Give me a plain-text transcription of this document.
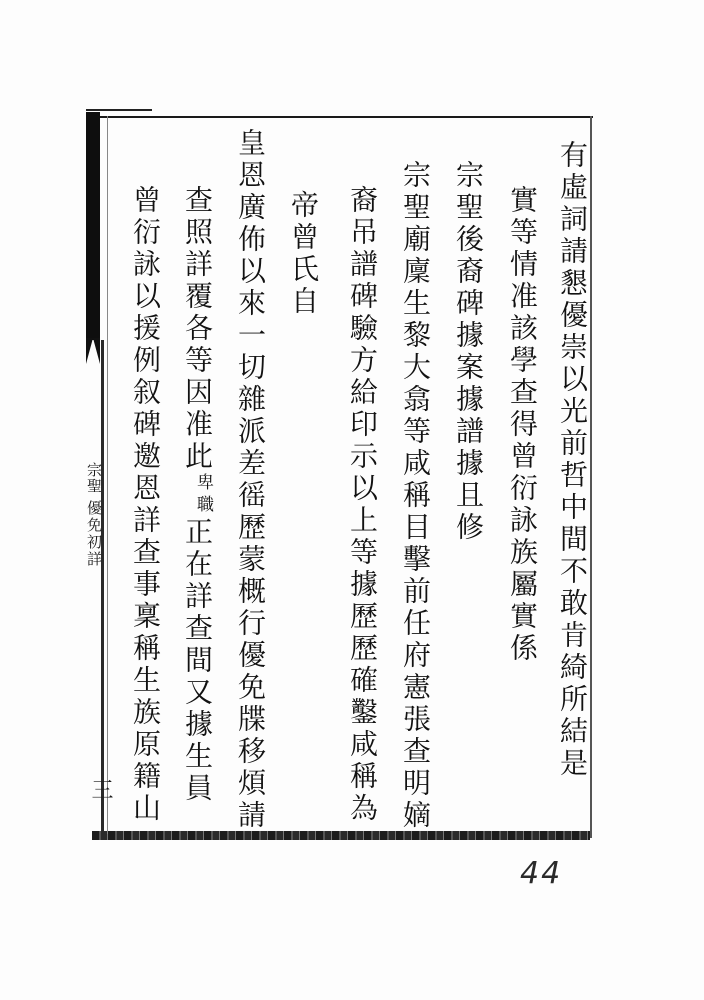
宗聖
優免初詳
三
有虛詞請懇優崇以光前哲中間不敢肯綺所結是
實等情准該學查得曾衍詠族屬實係
宗聖後裔碑據案據譜據且修
宗聖廟廩生黎大翕等咸稱目擊前任府憲張查明嫡
裔吊譜碑驗方給印示以上等據歷歷確鑿咸稱為
帝曾氏自
皇恩廣佈以來一切雜派差徭歷蒙概行優免牒移煩請
查照詳覆各等因准此卑職正在詳查間又據生員
曾衍詠以援例叙碑邀恩詳查事稟稱生族原籍山
44
